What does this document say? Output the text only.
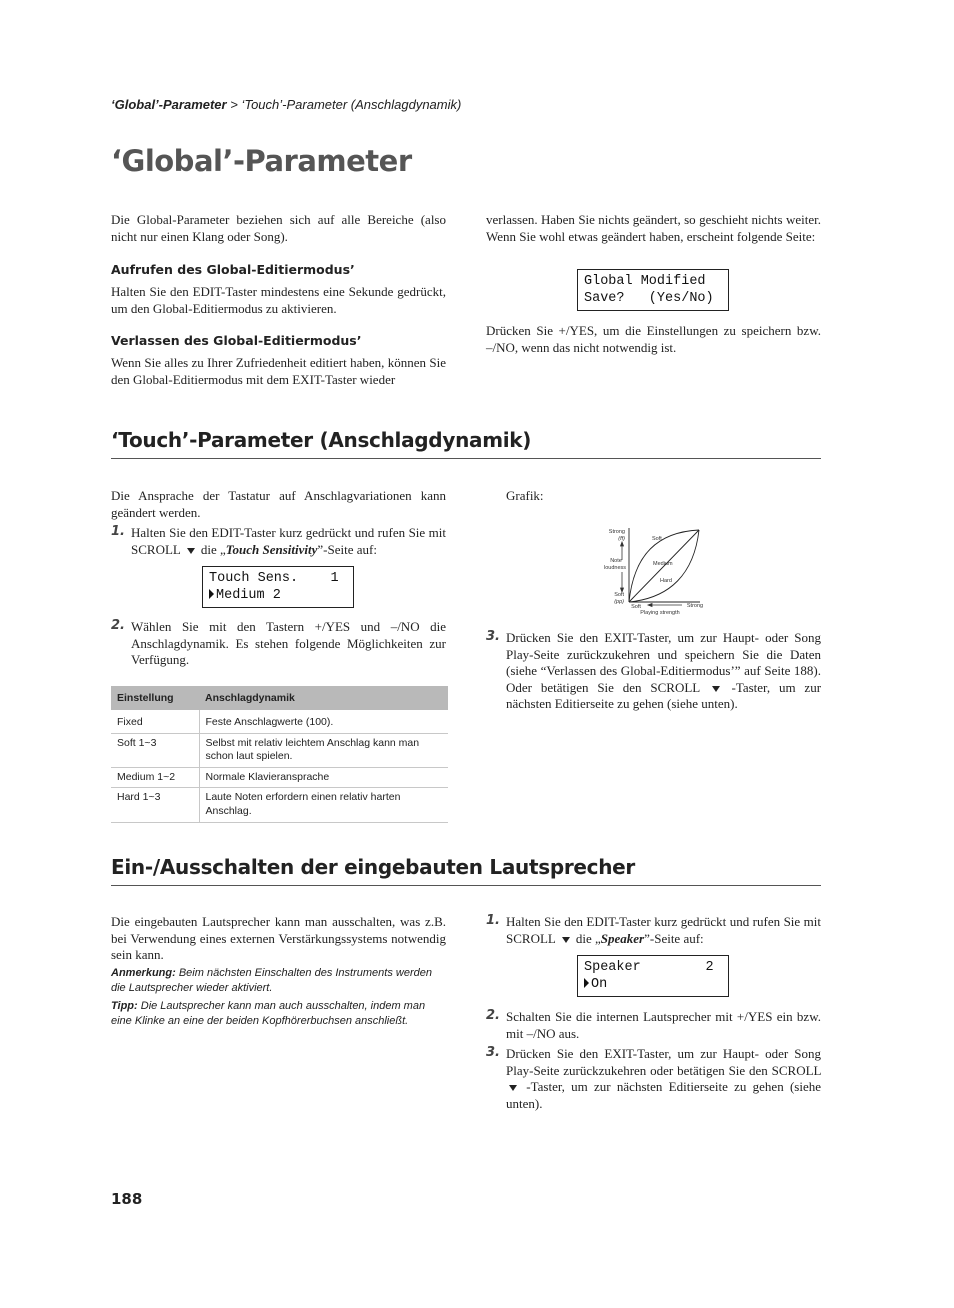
‘Global’-Parameter > ‘Touch’-Parameter (Anschlagdynamik)
‘Global’-Parameter
Die Global-Parameter beziehen sich auf alle Bereiche (also nicht nur einen Klang oder Song).
Aufrufen des Global-Editiermodus’
Halten Sie den EDIT-Taster mindestens eine Sekunde gedrückt, um den Global-Editiermodus zu aktivieren.
Verlassen des Global-Editiermodus’
Wenn Sie alles zu Ihrer Zufriedenheit editiert haben, können Sie den Global-Editiermodus mit dem EXIT-Taster wieder
verlassen. Haben Sie nichts geändert, so geschieht nichts weiter. Wenn Sie wohl etwas geändert haben, erscheint folgende Seite:
Global Modified
Save?   (Yes/No)
Drücken Sie +/YES, um die Einstellungen zu speichern bzw. –/NO, wenn das nicht notwendig ist.
‘Touch’-Parameter (Anschlagdynamik)
Die Ansprache der Tastatur auf Anschlagvariationen kann geändert werden.
1. Halten Sie den EDIT-Taster kurz gedrückt und rufen Sie mit SCROLL die „Touch Sensitivity”-Seite auf:
Touch Sens.    1
Medium 2
2. Wählen Sie mit den Tastern +/YES und –/NO die Anschlagdynamik. Es stehen folgende Möglichkeiten zur Verfügung.
Einstellung	Anschlagdynamik
Fixed	Feste Anschlagwerte (100).
Soft 1~3	Selbst mit relativ leichtem Anschlag kann man schon laut spielen.
Medium 1~2	Normale Klavieransprache
Hard 1~3	Laute Noten erfordern einen relativ harten Anschlag.
Grafik:
Strong
(ff)
Note
loudness
Soft
(pp)
Soft	Strong
Playing strength
Soft
Medium
Hard
3. Drücken Sie den EXIT-Taster, um zur Haupt- oder Song Play-Seite zurückzukehren und speichern Sie die Daten (siehe “Verlassen des Global-Editiermodus’” auf Seite 188). Oder betätigen Sie den SCROLL -Taster, um zur nächsten Editierseite zu gehen (siehe unten).
Ein-/Ausschalten der eingebauten Lautsprecher
Die eingebauten Lautsprecher kann man ausschalten, was z.B. bei Verwendung eines externen Verstärkungssystems notwendig sein kann.
Anmerkung: Beim nächsten Einschalten des Instruments werden die Lautsprecher wieder aktiviert.
Tipp: Die Lautsprecher kann man auch ausschalten, indem man eine Klinke an eine der beiden Kopfhörerbuchsen anschließt.
1. Halten Sie den EDIT-Taster kurz gedrückt und rufen Sie mit SCROLL die „Speaker”-Seite auf:
Speaker        2
On
2. Schalten Sie die internen Lautsprecher mit +/YES ein bzw. mit –/NO aus.
3. Drücken Sie den EXIT-Taster, um zur Haupt- oder Song Play-Seite zurückzukehren oder betätigen Sie den SCROLL  -Taster, um zur nächsten Editierseite zu gehen (siehe unten).
188
